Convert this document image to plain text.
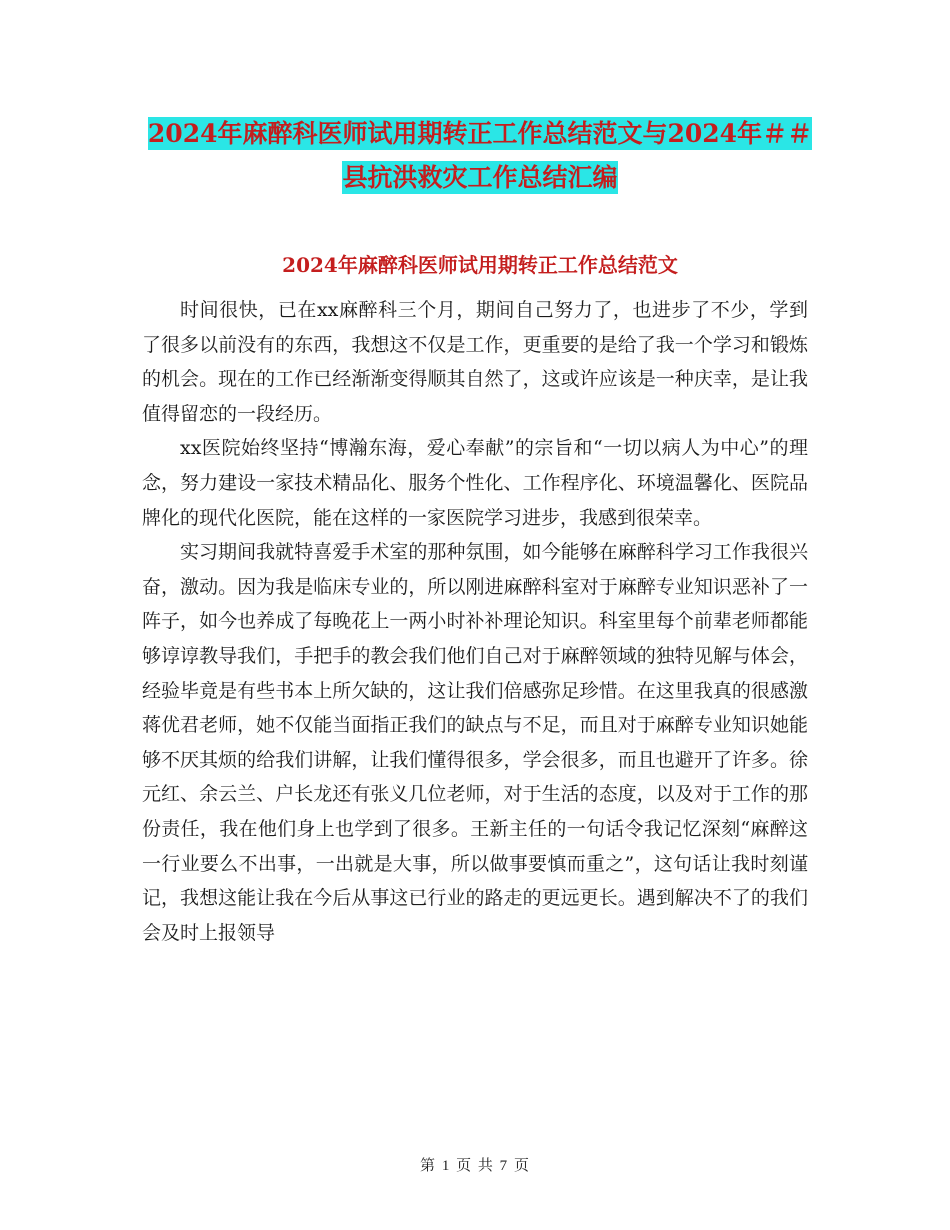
2024年麻醉科医师试用期转正工作总结范文与2024年＃＃县抗洪救灾工作总结汇编
2024年麻醉科医师试用期转正工作总结范文

时间很快，已在xx麻醉科三个月，期间自己努力了，也进步了不少，学到了很多以前没有的东西，我想这不仅是工作，更重要的是给了我一个学习和锻炼的机会。现在的工作已经渐渐变得顺其自然了，这或许应该是一种庆幸，是让我值得留恋的一段经历。

xx医院始终坚持“博瀚东海，爱心奉献”的宗旨和“一切以病人为中心”的理念，努力建设一家技术精品化、服务个性化、工作程序化、环境温馨化、医院品牌化的现代化医院，能在这样的一家医院学习进步，我感到很荣幸。

实习期间我就特喜爱手术室的那种氛围，如今能够在麻醉科学习工作我很兴奋，激动。因为我是临床专业的，所以刚进麻醉科室对于麻醉专业知识恶补了一阵子，如今也养成了每晚花上一两小时补补理论知识。科室里每个前辈老师都能够谆谆教导我们，手把手的教会我们他们自己对于麻醉领域的独特见解与体会，经验毕竟是有些书本上所欠缺的，这让我们倍感弥足珍惜。在这里我真的很感激蒋优君老师，她不仅能当面指正我们的缺点与不足，而且对于麻醉专业知识她能够不厌其烦的给我们讲解，让我们懂得很多，学会很多，而且也避开了许多。徐元红、余云兰、户长龙还有张义几位老师，对于生活的态度，以及对于工作的那份责任，我在他们身上也学到了很多。王新主任的一句话令我记忆深刻“麻醉这一行业要么不出事，一出就是大事，所以做事要慎而重之”，这句话让我时刻谨记，我想这能让我在今后从事这已行业的路走的更远更长。遇到解决不了的我们会及时上报领导

第 1 页 共 7 页
